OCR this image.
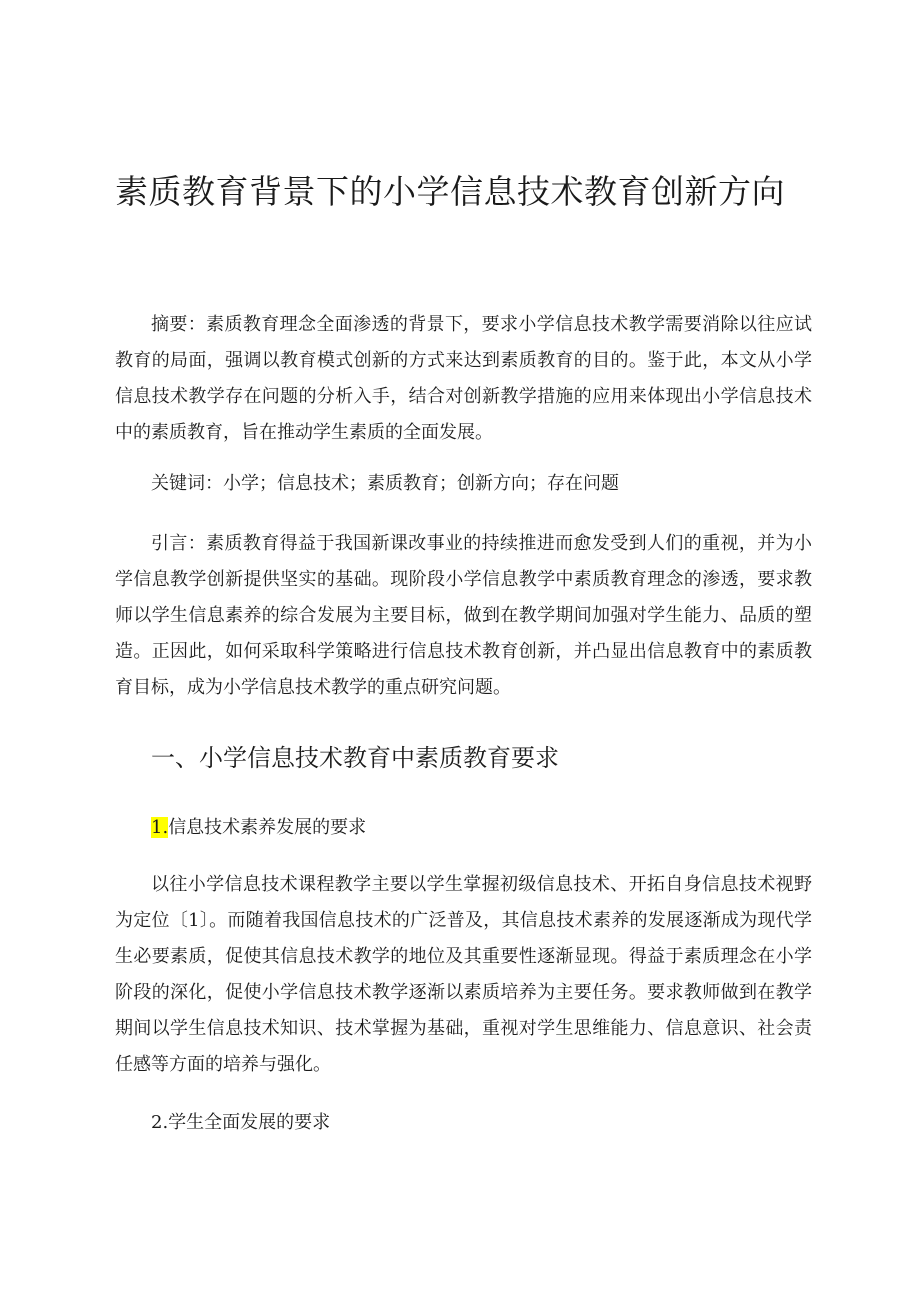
素质教育背景下的小学信息技术教育创新方向

摘要：素质教育理念全面渗透的背景下，要求小学信息技术教学需要消除以往应试教育的局面，强调以教育模式创新的方式来达到素质教育的目的。鉴于此，本文从小学信息技术教学存在问题的分析入手，结合对创新教学措施的应用来体现出小学信息技术中的素质教育，旨在推动学生素质的全面发展。

关键词：小学；信息技术；素质教育；创新方向；存在问题

引言：素质教育得益于我国新课改事业的持续推进而愈发受到人们的重视，并为小学信息教学创新提供坚实的基础。现阶段小学信息教学中素质教育理念的渗透，要求教师以学生信息素养的综合发展为主要目标，做到在教学期间加强对学生能力、品质的塑造。正因此，如何采取科学策略进行信息技术教育创新，并凸显出信息教育中的素质教育目标，成为小学信息技术教学的重点研究问题。

一、小学信息技术教育中素质教育要求
1.信息技术素养发展的要求

以往小学信息技术课程教学主要以学生掌握初级信息技术、开拓自身信息技术视野为定位〔1〕。而随着我国信息技术的广泛普及，其信息技术素养的发展逐渐成为现代学生必要素质，促使其信息技术教学的地位及其重要性逐渐显现。得益于素质理念在小学阶段的深化，促使小学信息技术教学逐渐以素质培养为主要任务。要求教师做到在教学期间以学生信息技术知识、技术掌握为基础，重视对学生思维能力、信息意识、社会责任感等方面的培养与强化。

2.学生全面发展的要求
